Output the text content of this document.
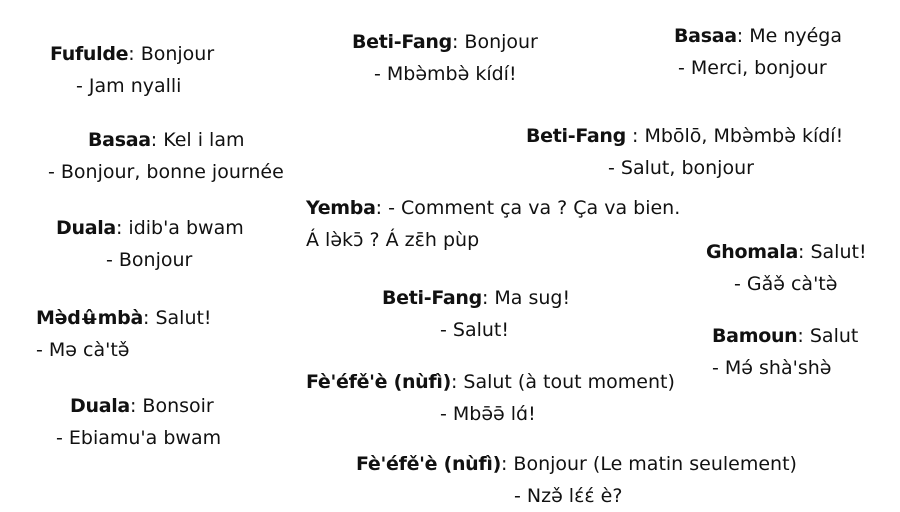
Fufulde: Bonjour
- Jam nyalli
Basaa: Kel i lam
- Bonjour, bonne journée
Duala: idib'a bwam
- Bonjour
Mə̀dʉ̂mbà: Salut!
- Mə cà'tə̌
Duala: Bonsoir
- Ebiamu'a bwam
Beti-Fang: Bonjour
- Mbə̀mbə̀ kídí!
Beti-Fang : Mbōlō, Mbə̀mbə̀ kídí!
- Salut, bonjour
Yemba: - Comment ça va ? Ça va bien.
Á lə̀kɔ̄ ? Á zɛ̄h pùp
Beti-Fang: Ma sug!
- Salut!
Fè'éfě'è (nùfì): Salut (à tout moment)
- Mbə̄ə̄ lɑ́!
Fè'éfě'è (nùfì): Bonjour (Le matin seulement)
- Nzə̌ lɛ́ɛ́ è?
Basaa: Me nyéga
- Merci, bonjour
Ghomala: Salut!
- Gǎə̌ cà'tə̀
Bamoun: Salut
- Mə́ shà'shə̀
